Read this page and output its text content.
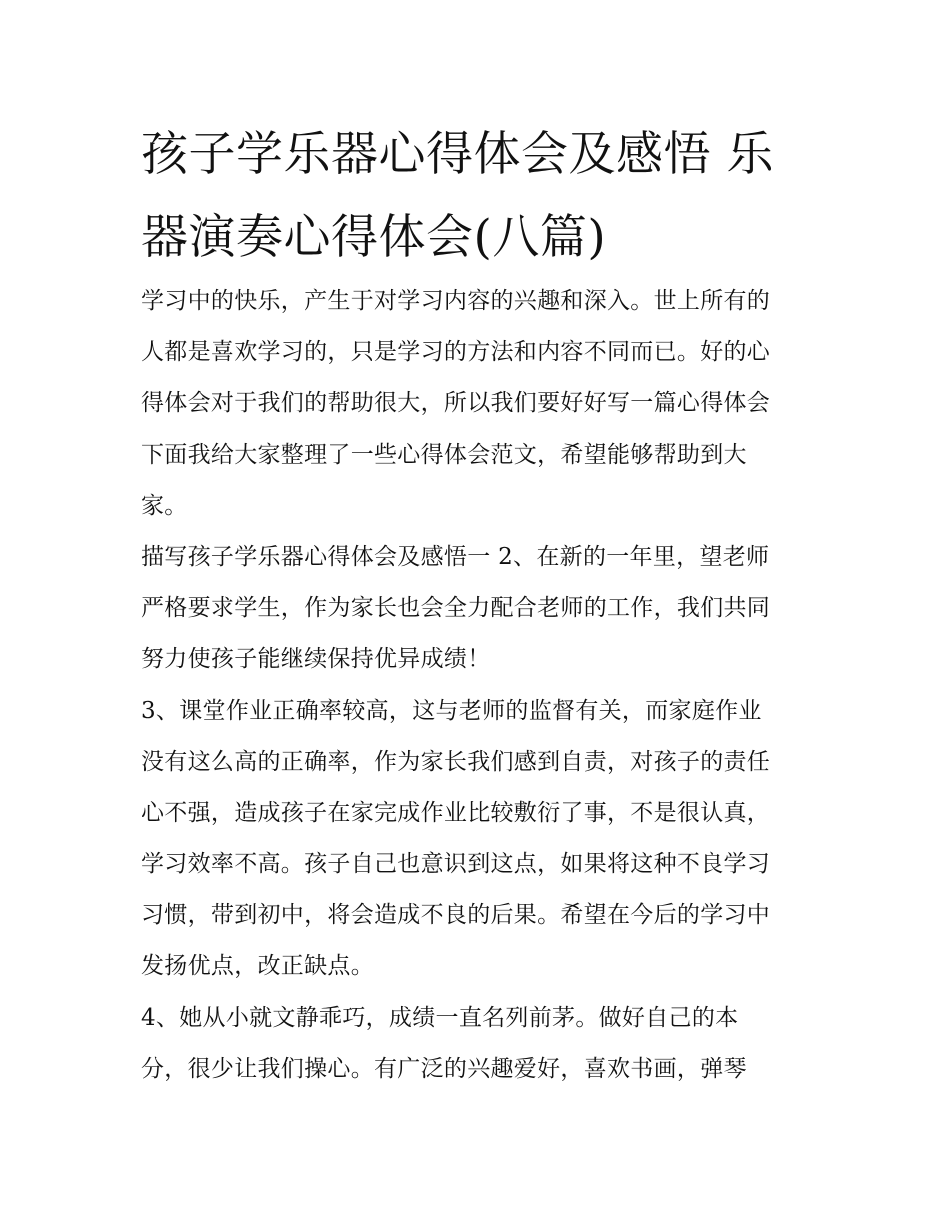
孩子学乐器心得体会及感悟 乐
器演奏心得体会(八篇)
学习中的快乐，产生于对学习内容的兴趣和深入。世上所有的
人都是喜欢学习的，只是学习的方法和内容不同而已。好的心
得体会对于我们的帮助很大，所以我们要好好写一篇心得体会
下面我给大家整理了一些心得体会范文，希望能够帮助到大
家。
描写孩子学乐器心得体会及感悟一 2、在新的一年里，望老师
严格要求学生，作为家长也会全力配合老师的工作，我们共同
努力使孩子能继续保持优异成绩！
3、课堂作业正确率较高，这与老师的监督有关，而家庭作业
没有这么高的正确率，作为家长我们感到自责，对孩子的责任
心不强，造成孩子在家完成作业比较敷衍了事，不是很认真，
学习效率不高。孩子自己也意识到这点，如果将这种不良学习
习惯，带到初中，将会造成不良的后果。希望在今后的学习中
发扬优点，改正缺点。
4、她从小就文静乖巧，成绩一直名列前茅。做好自己的本
分，很少让我们操心。有广泛的兴趣爱好，喜欢书画，弹琴
